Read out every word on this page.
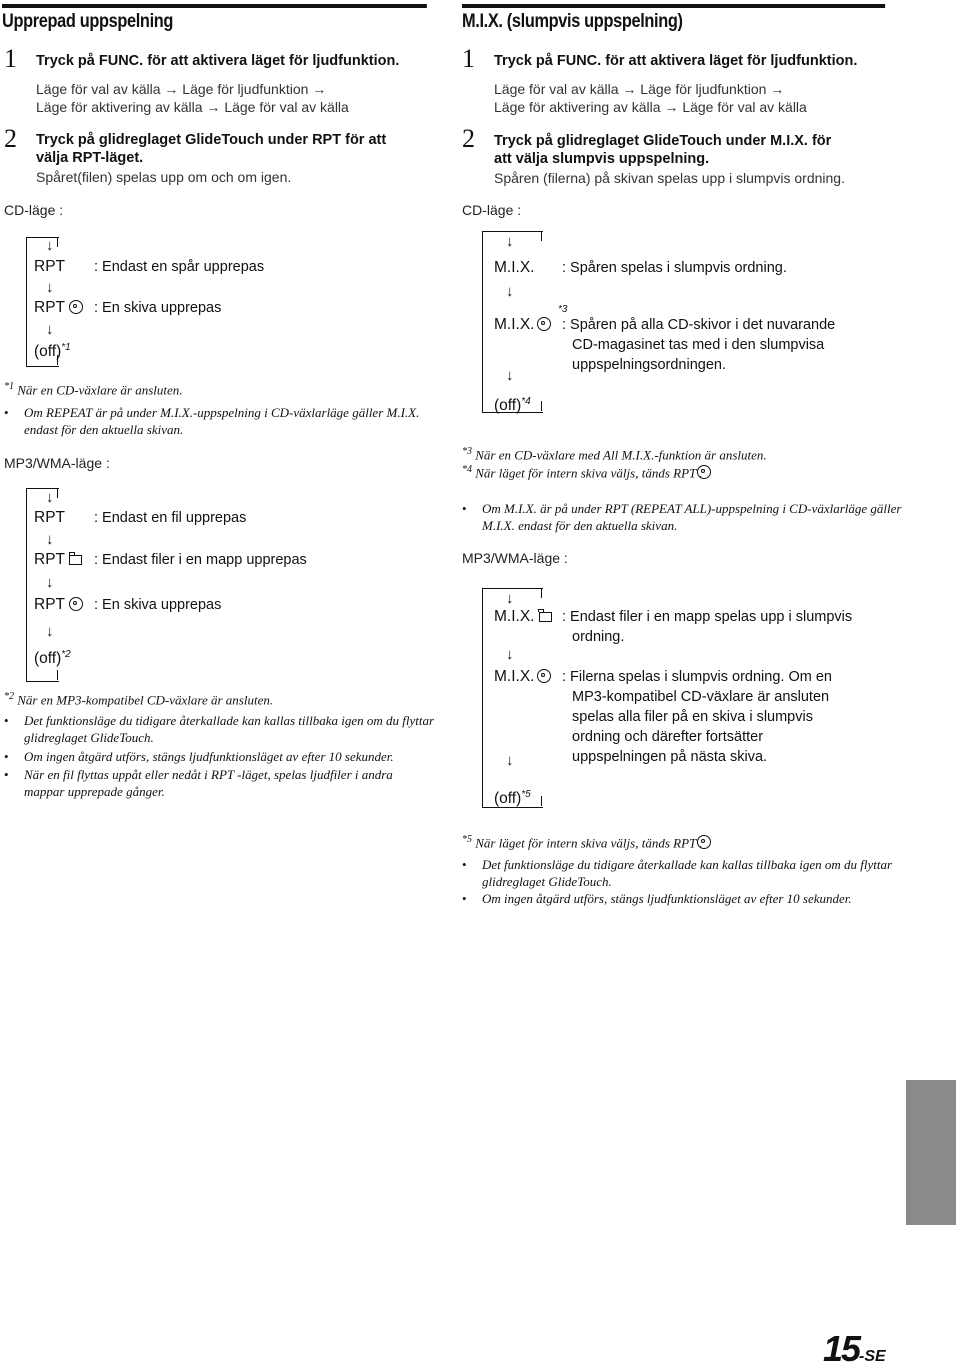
Upprepad uppspelning
1 Tryck på FUNC. för att aktivera läget för ljudfunktion.
Läge för val av källa → Läge för ljudfunktion →
Läge för aktivering av källa → Läge för val av källa
2 Tryck på glidreglaget GlideTouch under RPT för att
välja RPT-läget.
Spåret(filen) spelas upp om och om igen.
CD-läge :
↓
RPT : Endast en spår upprepas
↓
RPT	: En skiva upprepas
↓
(off)$^{*1}$
$^{*1}$ När en CD-växlare är ansluten.
• Om REPEAT är på under M.I.X.-uppspelning i CD-växlarläge gäller M.I.X. endast för den aktuella skivan.
MP3/WMA-läge :
↓
RPT : Endast en fil upprepas
↓
RPT	: Endast filer i en mapp upprepas
↓
RPT	: En skiva upprepas
↓
(off)$^{*2}$
$^{*2}$ När en MP3-kompatibel CD-växlare är ansluten.
• Det funktionsläge du tidigare återkallade kan kallas tillbaka igen om du flyttar glidreglaget GlideTouch.
• Om ingen åtgärd utförs, stängs ljudfunktionsläget av efter 10 sekunder.
• När en fil flyttas uppåt eller nedåt i RPT -läget, spelas ljudfiler i andra mappar upprepade gånger.
M.I.X. (slumpvis uppspelning)
1 Tryck på FUNC. för att aktivera läget för ljudfunktion.
Läge för val av källa → Läge för ljudfunktion →
Läge för aktivering av källa → Läge för val av källa
2 Tryck på glidreglaget GlideTouch under M.I.X. för
att välja slumpvis uppspelning.
Spåren (filerna) på skivan spelas upp i slumpvis ordning.
CD-läge :
↓
M.I.X. : Spåren spelas i slumpvis ordning.
↓
M.I.X.
*3
: Spåren på alla CD-skivor i det nuvarande
CD-magasinet tas med i den slumpvisa
uppspelningsordningen.
↓
(off)$^{*4}$
$^{*3}$ När en CD-växlare med All M.I.X.-funktion är ansluten.
$^{*4}$ När läget för intern skiva väljs, tänds RPT .
• Om M.I.X. är på under RPT (REPEAT ALL)-uppspelning i CD-växlarläge gäller M.I.X. endast för den aktuella skivan.
MP3/WMA-läge :
↓
M.I.X.	: Endast filer i en mapp spelas upp i slumpvis
ordning.
↓
M.I.X.	: Filerna spelas i slumpvis ordning. Om en
MP3-kompatibel CD-växlare är ansluten
spelas alla filer på en skiva i slumpvis
ordning och därefter fortsätter
uppspelningen på nästa skiva.
↓
(off)$^{*5}$
$^{*5}$ När läget för intern skiva väljs, tänds RPT .
• Det funktionsläge du tidigare återkallade kan kallas tillbaka igen om du flyttar glidreglaget GlideTouch.
• Om ingen åtgärd utförs, stängs ljudfunktionsläget av efter 10 sekunder.
15-SE
